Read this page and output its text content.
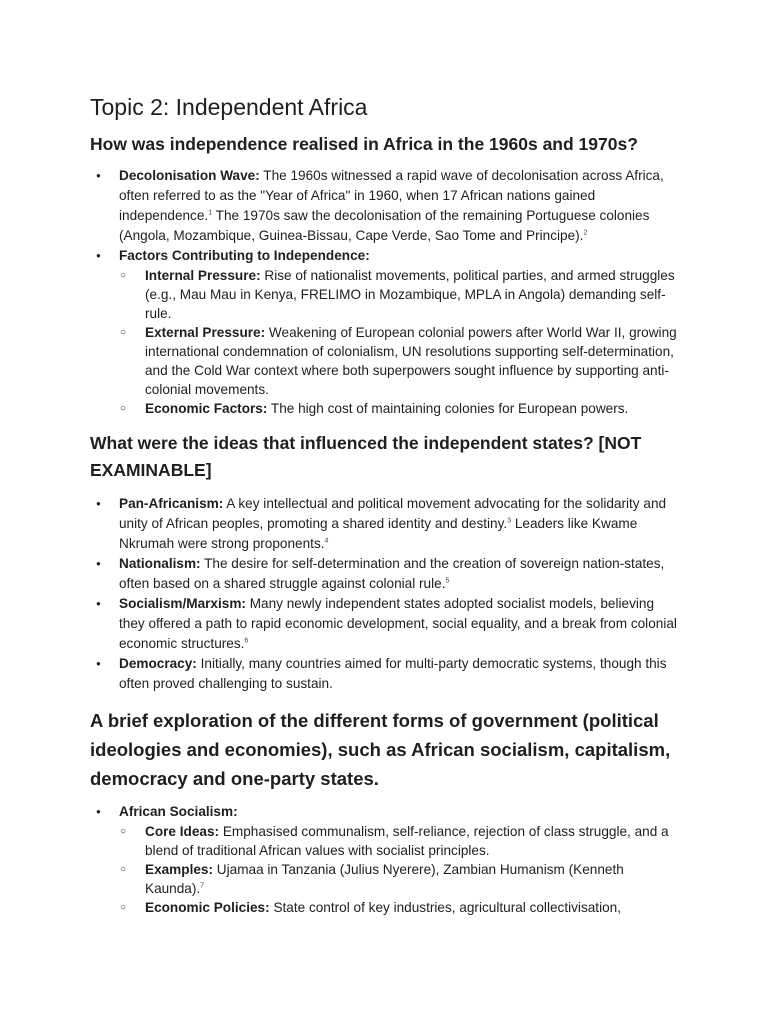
Topic 2: Independent Africa
How was independence realised in Africa in the 1960s and 1970s?
● Decolonisation Wave: The 1960s witnessed a rapid wave of decolonisation across Africa, often referred to as the "Year of Africa" in 1960, when 17 African nations gained independence.$^1$ The 1970s saw the decolonisation of the remaining Portuguese colonies (Angola, Mozambique, Guinea-Bissau, Cape Verde, Sao Tome and Principe).$^2$
● Factors Contributing to Independence:
○ Internal Pressure: Rise of nationalist movements, political parties, and armed struggles (e.g., Mau Mau in Kenya, FRELIMO in Mozambique, MPLA in Angola) demanding self-rule.
○ External Pressure: Weakening of European colonial powers after World War II, growing international condemnation of colonialism, UN resolutions supporting self-determination, and the Cold War context where both superpowers sought influence by supporting anti-colonial movements.
○ Economic Factors: The high cost of maintaining colonies for European powers.
What were the ideas that influenced the independent states? [NOT EXAMINABLE]
● Pan-Africanism: A key intellectual and political movement advocating for the solidarity and unity of African peoples, promoting a shared identity and destiny.$^3$ Leaders like Kwame Nkrumah were strong proponents.$^4$
● Nationalism: The desire for self-determination and the creation of sovereign nation-states, often based on a shared struggle against colonial rule.$^5$
● Socialism/Marxism: Many newly independent states adopted socialist models, believing they offered a path to rapid economic development, social equality, and a break from colonial economic structures.$^6$
● Democracy: Initially, many countries aimed for multi-party democratic systems, though this often proved challenging to sustain.
A brief exploration of the different forms of government (political ideologies and economies), such as African socialism, capitalism, democracy and one-party states.
● African Socialism:
○ Core Ideas: Emphasised communalism, self-reliance, rejection of class struggle, and a blend of traditional African values with socialist principles.
○ Examples: Ujamaa in Tanzania (Julius Nyerere), Zambian Humanism (Kenneth Kaunda).$^7$
○ Economic Policies: State control of key industries, agricultural collectivisation,
